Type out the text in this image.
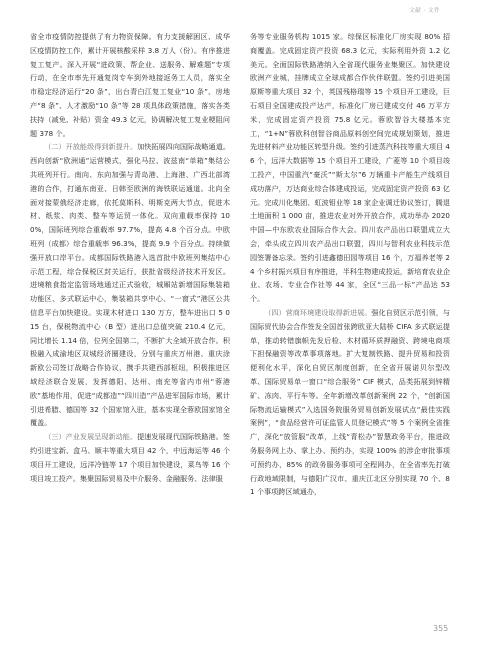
文献 · 文件

省全市疫情防控提供了有力物资保障。有力支援解困区、成华区疫情防控工作，累计开展核酸采样 3.8 万人（份）。有序推进复工复产。深入开展“进政策、帮企业、送服务、解难题”专项行动，在全市率先开通复岗专车到外地接返务工人员，落实全市稳定经济运行“20 条”，出台青白江复工复业“10 条”、房地产“8 条”、人才激励“10 条”等 28 项具体政策措施，落实各类扶持（减免、补贴）资金 49.3 亿元，协调解决复工复业梗阻问题 378 个。

（二）开放能级得到新提升。加快拓展四向国际战略通道。西向创新“欧洲通”运营模式，强化马拉、波兹南“单箱”集结公共班列开行。南向、东向加强与青岛港、上海港、广西北部湾港的合作，打通东南亚、日韩至欧洲的海铁联运通道。北向全面对接蒙俄经济走廊，依托莫斯科、明斯克两大节点，促进木材、纸浆、肉类、整车等运贸一体化。双向重载率保持 100%，国际班列综合重载率 97.7%，提高 4.8 个百分点。中欧班列（成都）综合重载率 96.3%，提高 9.9 个百分点。持续做强开放口岸平台。成都国际铁路港入选首批中欧班列集结中心示范工程，综合保税区封关运行，获批省级经济技术开发区。进境粮食指定监管场地通过正式验收，城厢站新增国际集装箱功能区、多式联运中心，集装箱共享中心、“一窗式”港区公共信息平台加快建设。实现木材进口 130 万方，整车进出口 5 015 台，保税物流中心（B 型）进出口总值突破 210.4 亿元，同比增长 1.14 倍，位列全国第二，不断扩大全域开放合作。积极融入成渝地区双城经济圈建设，分别与重庆万州港、重庆涂新欧公司签订战略合作协议，携手共建西部枢纽，积极推进区域经济联合发展，发挥德阳、达州、南充等省内市州“蓉港欧”基地作用，促进“成都造”“四川造”产品进军国际市场，累计引进希腊、德国等 32 个国家馆入驻，基本实现全蓉欧国家馆全覆盖。

（三）产业发展呈现新动能。提速发展现代国际铁路港。签约引进宝新、盒马、顺丰等重大项目 42 个，中远海运等 46 个项目开工建设，远洋冷链等 17 个项目加快建设，菜鸟等 16 个项目竣工投产。集聚国际贸易及中介服务、金融服务、法律服

务等专业服务机构 1015 家。综保区标准化厂房实现 80% 招商覆盖。完成固定资产投资 68.3 亿元，实际利用外资 1.2 亿美元。全面国际铁路港纳入全省现代服务业集聚区。加快建设欧洲产业城，挂牌成立全球成都合作伙伴联盟。签约引进美国原斯等重大项目 32 个，英国残格瑞等 15 个项目开工建设，巨石项目全国建成投产达产，标准化厂房已建成交付 46 万平方米，完成固定资产投资 75.8 亿元。蓉欧智谷大楼基本完工，“1+N”蓉欧科创智谷商品原料创空间完成规划策划，推进先进材料产业功能区转型升级。签约引进蒸汽科技等重大项目 46 个，远洋大数据等 15 个项目开工建设，广菱等 10 个项目竣工投产，中国重汽“豪沃”“斯太尔”6 万辆重卡产能生产线项目成功落户，万达商业综合体建成投运，完成固定资产投资 63 亿元。完成川化集团、虹波钼业等 18 家企业调迁协议签订，腾退土地面积 1 000 亩，推进农业对外开放合作，成功举办 2020 中国—中东欧农业国际合作大会。四川农产品出口联盟成立大会，牵头成立四川农产品出口联盟，四川与智利农业科技示范园签署备忘录。签约引进鑫德田园等项目 16 个，万福养老等 24 个乡村振兴项目有序推进，半科生物建成投运，新培育农业企业、农场、专业合作社等 44 家，全区“三品一标”产品达 53 个。

（四）营商环境建设取得新进展。强化自贸区示范引领，与国际贸代协会合作签发全国首张跨欧亚大陆桥 CIFA 多式联运提单，推动转错旗帜先发后检、木材循环质押融资、跨境电商项下担保融资等改革事项落地。扩大复制铁路、提升贸易和投资便利化水平，深化自贸区制度创新，在全省开展诺贝尔型改革、国际贸易单一窗口“综合服务” CIF 模式，品类拓展到锌精矿、冻肉、平行车等。全年新增改革创新案例 22 个，“创新国际物流运输模式”入选国务院服务贸易创新发展试点“最佳实践案例”，“食品经营许可证监管人员登记模式”等 5 个案例全省推广，深化“放管服”改革，上线“青松办”智慧政务平台，推进政务服务网上办、掌上办、预约办，实现 100% 的涉企审批事项可预约办，85% 的政务服务事项可全程网办，在全省率先打破行政地域限制，与德阳广汉市、重庆江北区分别实现 70 个、81 个事项跨区域通办，

355
